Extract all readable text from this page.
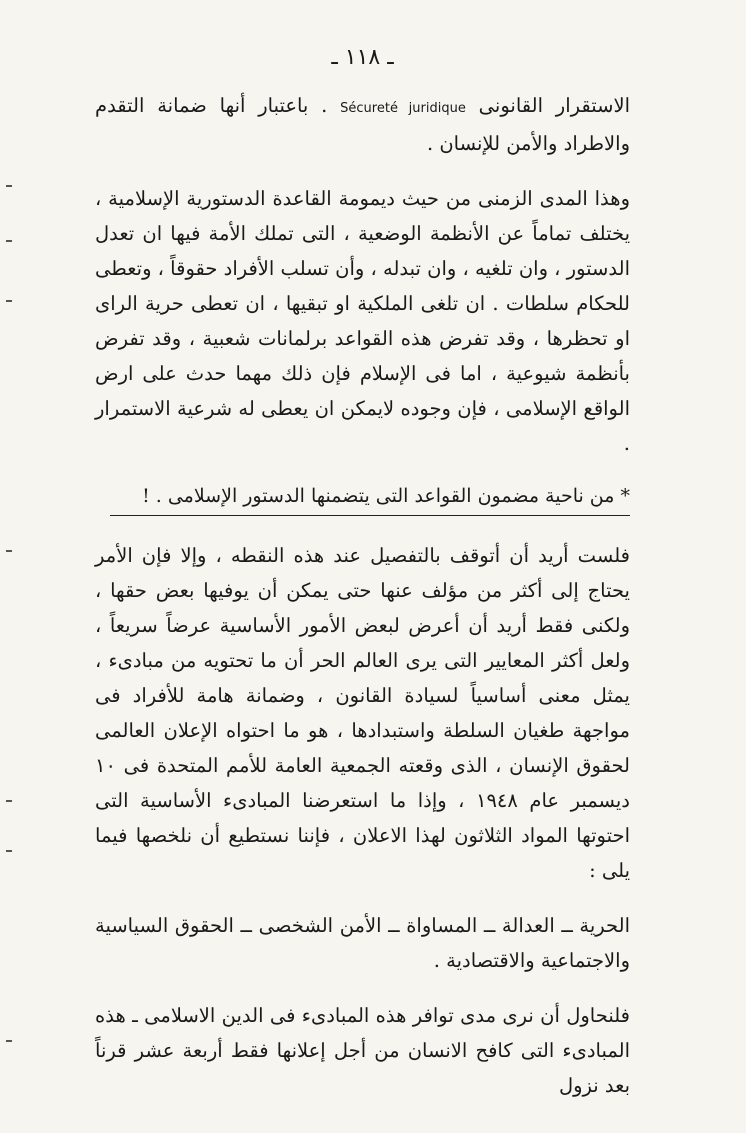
ـ ١١٨ ـ

الاستقرار القانونى Sécureté juridique . باعتبار أنها ضمانة التقدم والاطراد والأمن للإنسان .

وهذا المدى الزمنى من حيث ديمومة القاعدة الدستورية الإسلامية ، يختلف تماماً عن الأنظمة الوضعية ، التى تملك الأمة فيها ان تعدل الدستور ، وان تلغيه ، وان تبدله ، وأن تسلب الأفراد حقوقاً ، وتعطى للحكام سلطات . ان تلغى الملكية او تبقيها ، ان تعطى حرية الراى او تحظرها ، وقد تفرض هذه القواعد برلمانات شعبية ، وقد تفرض بأنظمة شيوعية ، اما فى الإسلام فإن ذلك مهما حدث على ارض الواقع الإسلامى ، فإن وجوده لايمكن ان يعطى له شرعية الاستمرار .

* من ناحية مضمون القواعد التى يتضمنها الدستور الإسلامى . !

فلست أريد أن أتوقف بالتفصيل عند هذه النقطه ، وإلا فإن الأمر يحتاج إلى أكثر من مؤلف عنها حتى يمكن أن يوفيها بعض حقها ، ولكنى فقط أريد أن أعرض لبعض الأمور الأساسية عرضاً سريعاً ، ولعل أكثر المعايير التى يرى العالم الحر أن ما تحتويه من مبادىء ، يمثل معنى أساسياً لسيادة القانون ، وضمانة هامة للأفراد فى مواجهة طغيان السلطة واستبدادها ، هو ما احتواه الإعلان العالمى لحقوق الإنسان ، الذى وقعته الجمعية العامة للأمم المتحدة فى ١٠ ديسمبر عام ١٩٤٨ ، وإذا ما استعرضنا المبادىء الأساسية التى احتوتها المواد الثلاثون لهذا الاعلان ، فإننا نستطيع أن نلخصها فيما يلى :

الحرية ــ العدالة ــ المساواة ــ الأمن الشخصى ــ الحقوق السياسية والاجتماعية والاقتصادية .

فلنحاول أن نرى مدى توافر هذه المبادىء فى الدين الاسلامى ـ هذه المبادىء التى كافح الانسان من أجل إعلانها فقط أربعة عشر قرناً بعد نزول
